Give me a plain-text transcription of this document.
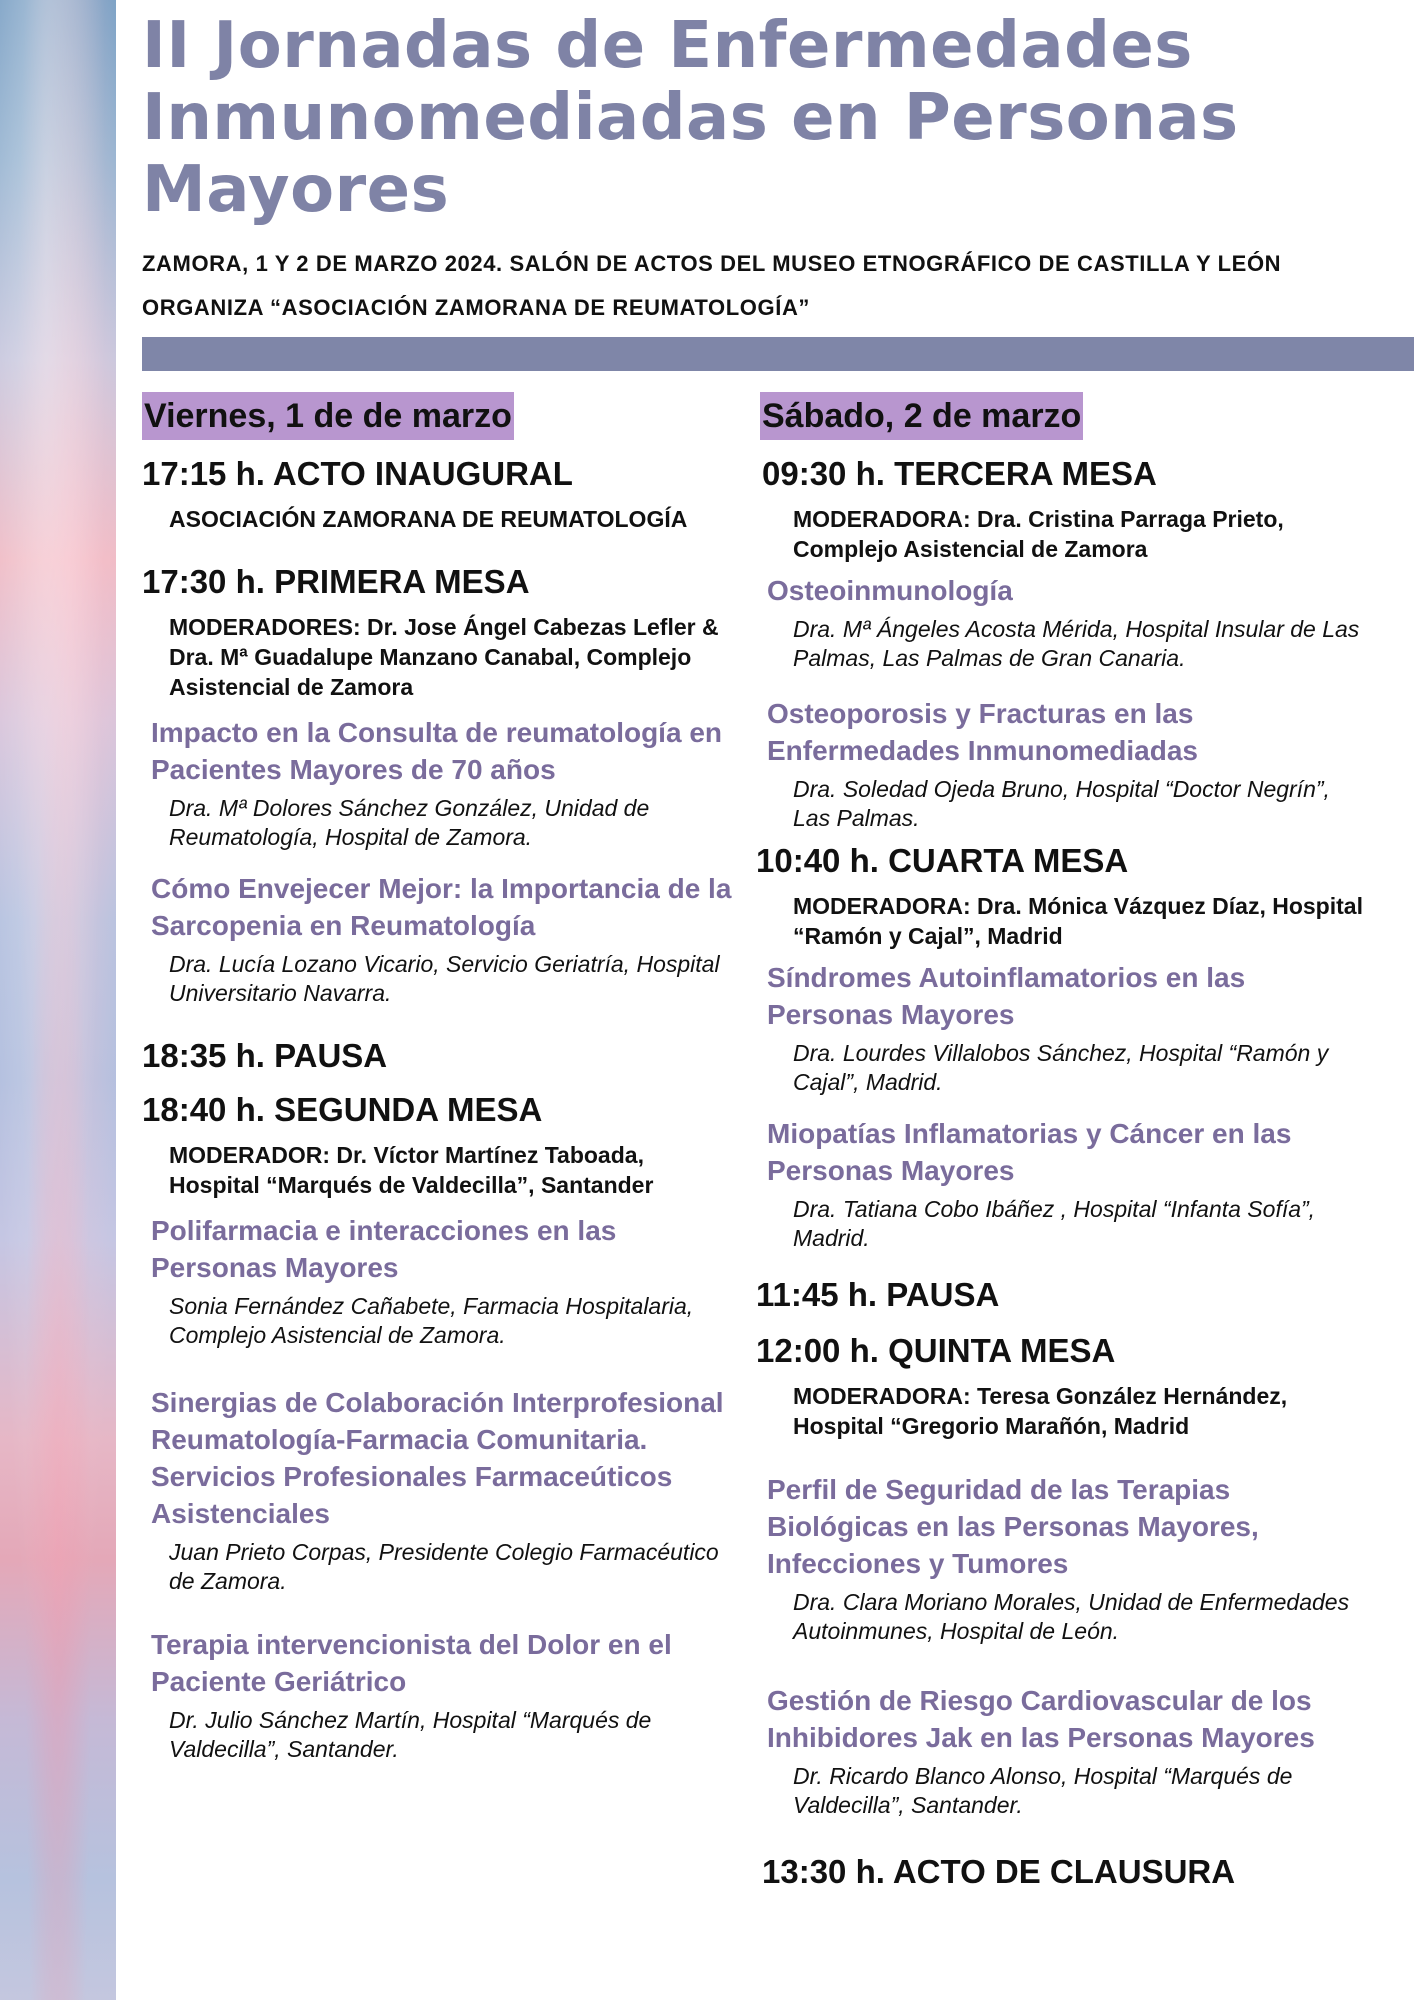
II Jornadas de Enfermedades Inmunomediadas en Personas Mayores
ZAMORA, 1 Y 2 DE MARZO 2024. SALÓN DE ACTOS DEL MUSEO ETNOGRÁFICO DE CASTILLA Y LEÓN
ORGANIZA “ASOCIACIÓN ZAMORANA DE REUMATOLOGÍA”
Viernes, 1 de de marzo
17:15 h. ACTO INAUGURAL
ASOCIACIÓN ZAMORANA DE REUMATOLOGÍA
17:30 h. PRIMERA MESA
MODERADORES: Dr. Jose Ángel Cabezas Lefler & Dra. Mª Guadalupe Manzano Canabal, Complejo Asistencial de Zamora
Impacto en la Consulta de reumatología en Pacientes Mayores de 70 años
Dra. Mª Dolores Sánchez González, Unidad de Reumatología, Hospital de Zamora.
Cómo Envejecer Mejor: la Importancia de la Sarcopenia en Reumatología
Dra. Lucía Lozano Vicario, Servicio Geriatría, Hospital Universitario Navarra.
18:35 h. PAUSA
18:40 h. SEGUNDA MESA
MODERADOR: Dr. Víctor Martínez Taboada, Hospital “Marqués de Valdecilla”, Santander
Polifarmacia e interacciones en las Personas Mayores
Sonia Fernández Cañabete, Farmacia Hospitalaria, Complejo Asistencial de Zamora.
Sinergias de Colaboración Interprofesional Reumatología-Farmacia Comunitaria. Servicios Profesionales Farmaceúticos Asistenciales
Juan Prieto Corpas, Presidente Colegio Farmacéutico de Zamora.
Terapia intervencionista del Dolor en el Paciente Geriátrico
Dr. Julio Sánchez Martín, Hospital “Marqués de Valdecilla”, Santander.
Sábado, 2 de marzo
09:30 h. TERCERA MESA
MODERADORA: Dra. Cristina Parraga Prieto, Complejo Asistencial de Zamora
Osteoinmunología
Dra. Mª Ángeles Acosta Mérida, Hospital Insular de Las Palmas, Las Palmas de Gran Canaria.
Osteoporosis y Fracturas en las Enfermedades Inmunomediadas
Dra. Soledad Ojeda Bruno, Hospital “Doctor Negrín”, Las Palmas.
10:40 h. CUARTA MESA
MODERADORA: Dra. Mónica Vázquez Díaz, Hospital “Ramón y Cajal”, Madrid
Síndromes Autoinflamatorios en las Personas Mayores
Dra. Lourdes Villalobos Sánchez, Hospital “Ramón y Cajal”, Madrid.
Miopatías Inflamatorias y Cáncer en las Personas Mayores
Dra. Tatiana Cobo Ibáñez , Hospital “Infanta Sofía”, Madrid.
11:45 h. PAUSA
12:00 h. QUINTA MESA
MODERADORA: Teresa González Hernández, Hospital “Gregorio Marañón, Madrid
Perfil de Seguridad de las Terapias Biológicas en las Personas Mayores, Infecciones y Tumores
Dra. Clara Moriano Morales, Unidad de Enfermedades Autoinmunes, Hospital de León.
Gestión de Riesgo Cardiovascular de los Inhibidores Jak en las Personas Mayores
Dr. Ricardo Blanco Alonso, Hospital “Marqués de Valdecilla”, Santander.
13:30 h. ACTO DE CLAUSURA
